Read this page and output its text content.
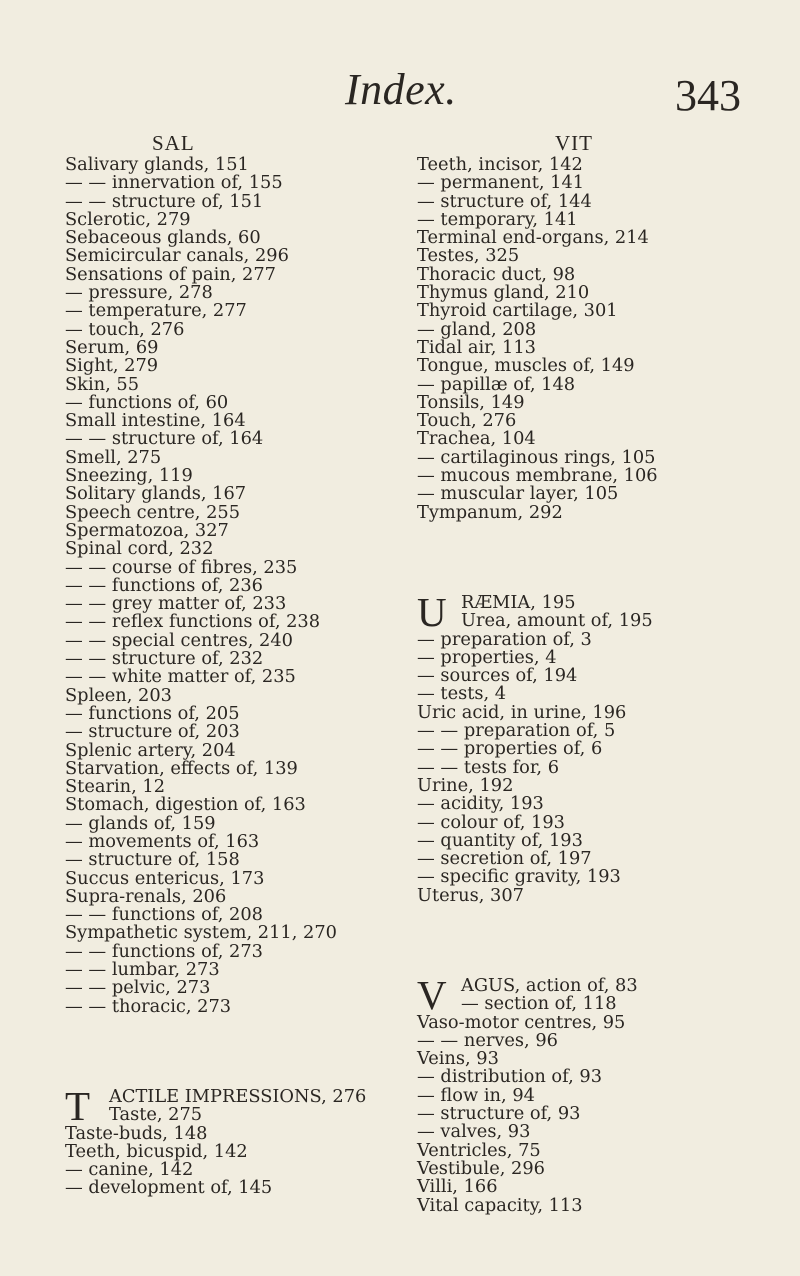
Index.	343
SAL	VIT
Salivary glands, 151
— — innervation of, 155
— — structure of, 151
Sclerotic, 279
Sebaceous glands, 60
Semicircular canals, 296
Sensations of pain, 277
— pressure, 278
— temperature, 277
— touch, 276
Serum, 69
Sight, 279
Skin, 55
— functions of, 60
Small intestine, 164
— — structure of, 164
Smell, 275
Sneezing, 119
Solitary glands, 167
Speech centre, 255
Spermatozoa, 327
Spinal cord, 232
— — course of fibres, 235
— — functions of, 236
— — grey matter of, 233
— — reflex functions of, 238
— — special centres, 240
— — structure of, 232
— — white matter of, 235
Spleen, 203
— functions of, 205
— structure of, 203
Splenic artery, 204
Starvation, effects of, 139
Stearin, 12
Stomach, digestion of, 163
— glands of, 159
— movements of, 163
— structure of, 158
Succus entericus, 173
Supra-renals, 206
— — functions of, 208
Sympathetic system, 211, 270
— — functions of, 273
— — lumbar, 273
— — pelvic, 273
— — thoracic, 273
T ACTILE IMPRESSIONS, 276
Taste, 275
Taste-buds, 148
Teeth, bicuspid, 142
— canine, 142
— development of, 145
Teeth, incisor, 142
— permanent, 141
— structure of, 144
— temporary, 141
Terminal end-organs, 214
Testes, 325
Thoracic duct, 98
Thymus gland, 210
Thyroid cartilage, 301
— gland, 208
Tidal air, 113
Tongue, muscles of, 149
— papillæ of, 148
Tonsils, 149
Touch, 276
Trachea, 104
— cartilaginous rings, 105
— mucous membrane, 106
— muscular layer, 105
Tympanum, 292
U RÆMIA, 195
Urea, amount of, 195
— preparation of, 3
— properties, 4
— sources of, 194
— tests, 4
Uric acid, in urine, 196
— — preparation of, 5
— — properties of, 6
— — tests for, 6
Urine, 192
— acidity, 193
— colour of, 193
— quantity of, 193
— secretion of, 197
— specific gravity, 193
Uterus, 307
V AGUS, action of, 83
— section of, 118
Vaso-motor centres, 95
— — nerves, 96
Veins, 93
— distribution of, 93
— flow in, 94
— structure of, 93
— valves, 93
Ventricles, 75
Vestibule, 296
Villi, 166
Vital capacity, 113
